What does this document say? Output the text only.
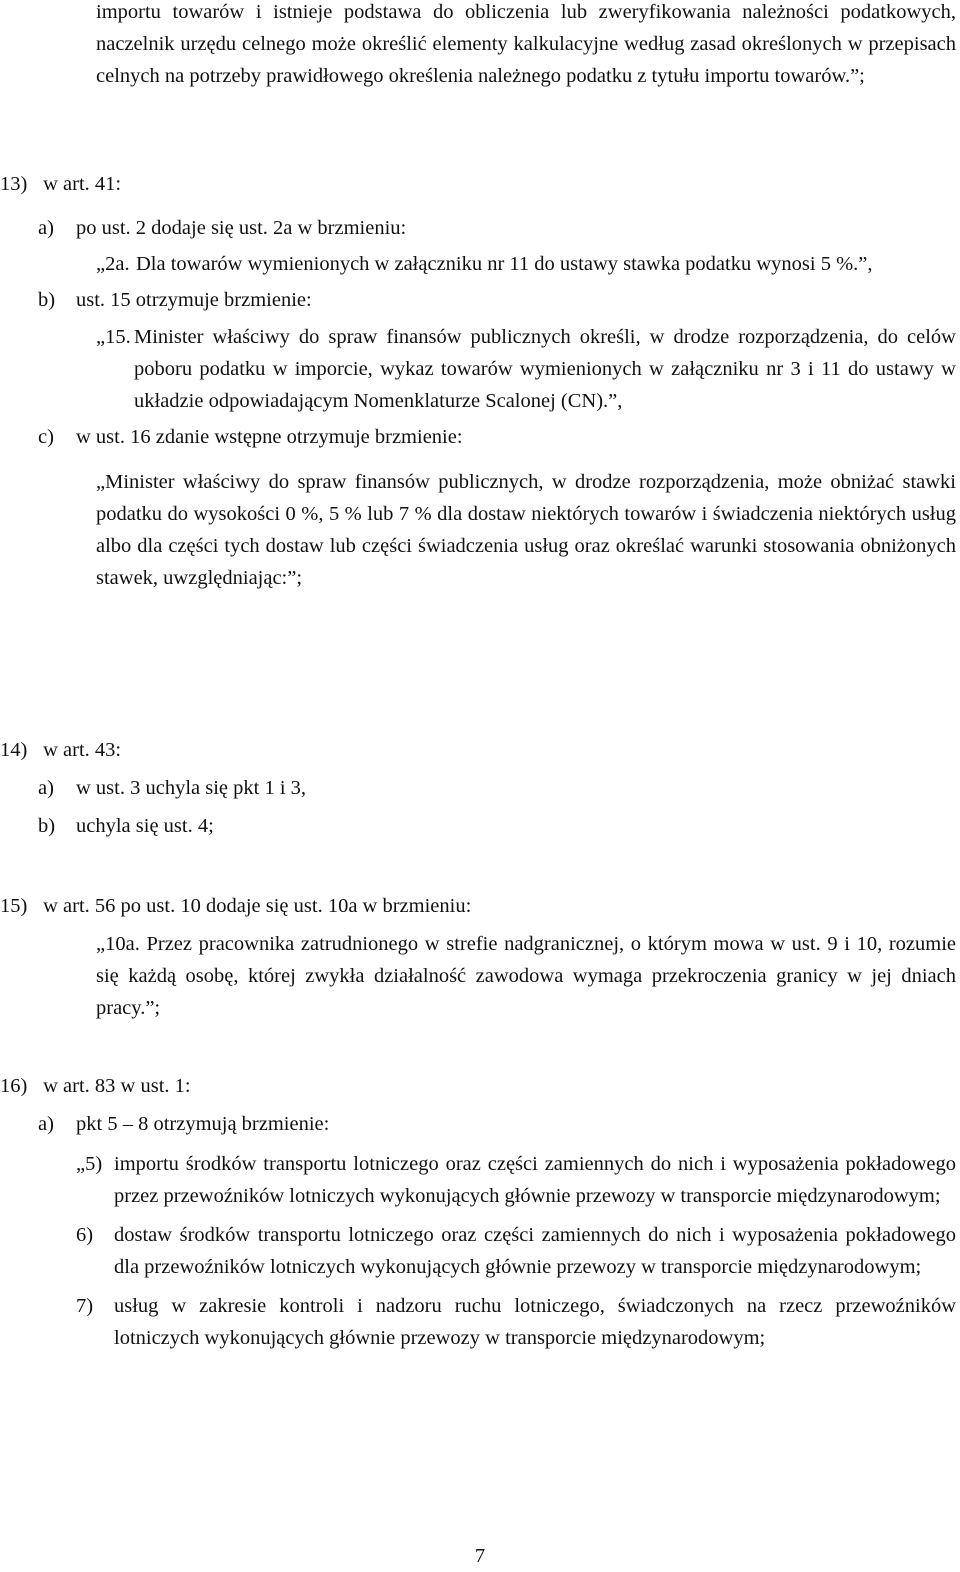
importu towarów i istnieje podstawa do obliczenia lub zweryfikowania należności podatkowych, naczelnik urzędu celnego może określić elementy kalkulacyjne według zasad określonych w przepisach celnych na potrzeby prawidłowego określenia należnego podatku z tytułu importu towarów.”;

13) w art. 41:

a)	po ust. 2 dodaje się ust. 2a w brzmieniu:
„2a. Dla towarów wymienionych w załączniku nr 11 do ustawy stawka podatku wynosi 5 %.”,
b)	ust. 15 otrzymuje brzmienie:
„15. Minister właściwy do spraw finansów publicznych określi, w drodze rozporządzenia, do celów poboru podatku w imporcie, wykaz towarów wymienionych w załączniku nr 3 i 11 do ustawy w układzie odpowiadającym Nomenklaturze Scalonej (CN).”,
c)	w ust. 16 zdanie wstępne otrzymuje brzmienie:
„Minister właściwy do spraw finansów publicznych, w drodze rozporządzenia, może obniżać stawki podatku do wysokości 0 %, 5 % lub 7 % dla dostaw niektórych towarów i świadczenia niektórych usług albo dla części tych dostaw lub części świadczenia usług oraz określać warunki stosowania obniżonych stawek, uwzględniając:”;

14) w art. 43:

a)	w ust. 3 uchyla się pkt 1 i 3,
b)	uchyla się ust. 4;

15) w art. 56 po ust. 10 dodaje się ust. 10a w brzmieniu:

„10a. Przez pracownika zatrudnionego w strefie nadgranicznej, o którym mowa w ust. 9 i 10, rozumie się każdą osobę, której zwykła działalność zawodowa wymaga przekroczenia granicy w jej dniach pracy.”;

16) w art. 83 w ust. 1:

a)	pkt 5 – 8 otrzymują brzmienie:
„5) importu środków transportu lotniczego oraz części zamiennych do nich i wyposażenia pokładowego przez przewoźników lotniczych wykonujących głównie przewozy w transporcie międzynarodowym;
6)	dostaw środków transportu lotniczego oraz części zamiennych do nich i wyposażenia pokładowego dla przewoźników lotniczych wykonujących głównie przewozy w transporcie międzynarodowym;
7)	usług w zakresie kontroli i nadzoru ruchu lotniczego, świadczonych na rzecz przewoźników lotniczych wykonujących głównie przewozy w transporcie międzynarodowym;
7
